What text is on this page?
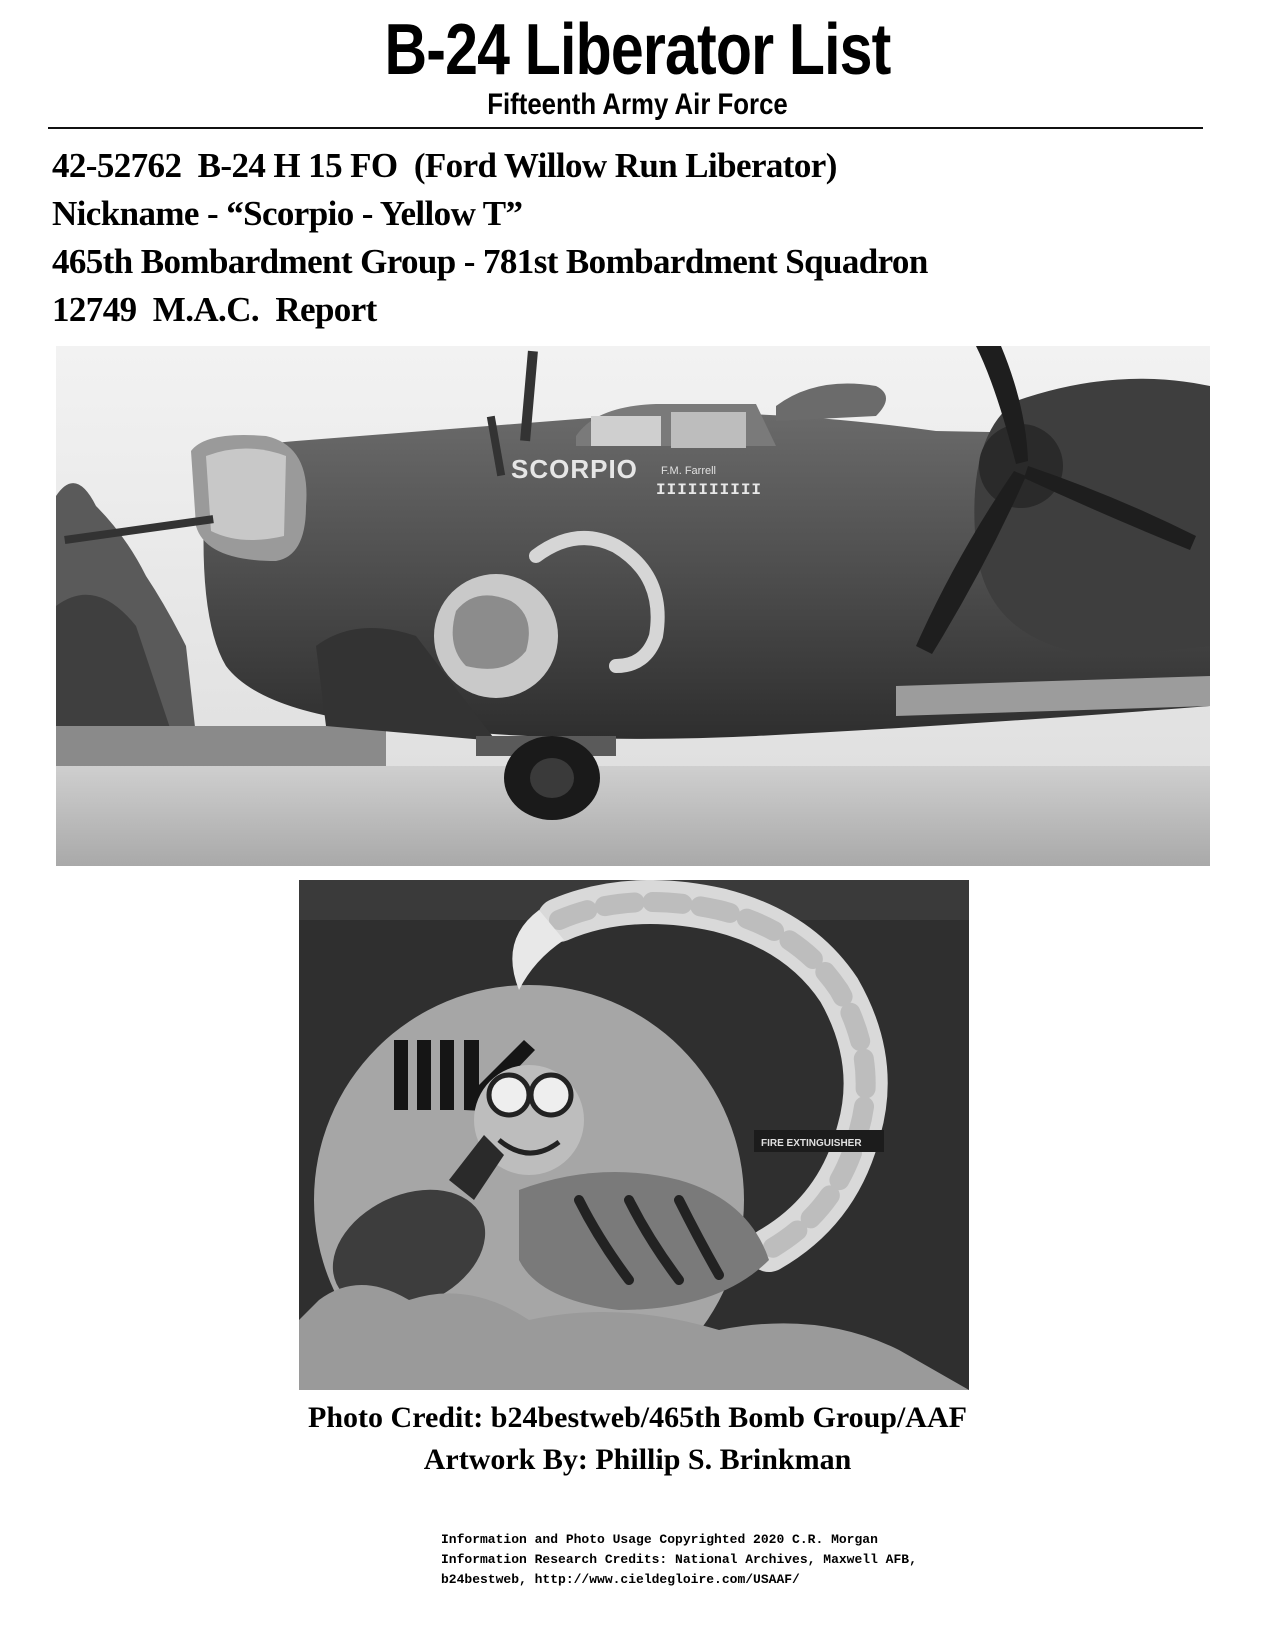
B-24 Liberator List
Fifteenth Army Air Force
42-52762  B-24 H 15 FO  (Ford Willow Run Liberator)
Nickname - “Scorpio - Yellow T”
465th Bombardment Group - 781st Bombardment Squadron
12749  M.A.C.  Report
SCORPIO F.M. Farrell
IIIIIIIIII
FIRE EXTINGUISHER
Photo Credit: b24bestweb/465th Bomb Group/AAF
Artwork By: Phillip S. Brinkman
Information and Photo Usage Copyrighted 2020 C.R. Morgan
Information Research Credits: National Archives, Maxwell AFB,
b24bestweb, http://www.cieldegloire.com/USAAF/
